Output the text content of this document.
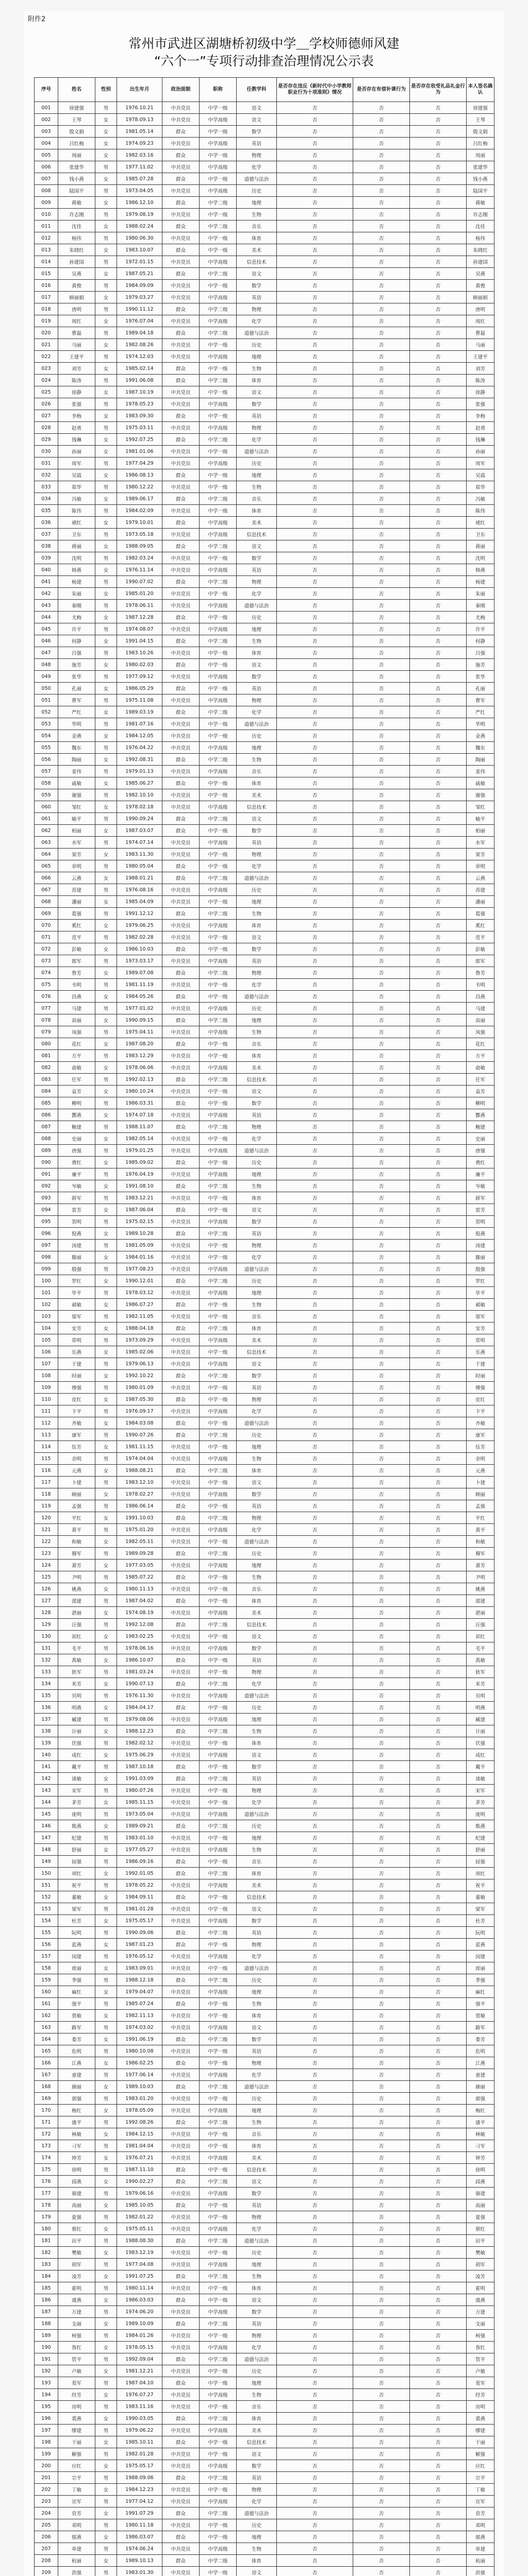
附件2
常州市武进区湖塘桥初级中学＿学校师德师风建
“六个一”专项行动排查治理情况公示表
序号	姓名	性别	出生年月	政治面貌	职称	任教学科	是否存在违反《新时代中小学教师职业行为十项准则》情况	是否存在有偿补课行为	是否存在收受礼品礼金行为	本人签名确认
001	徐建强	男	1976.10.21	中共党员	中学一级	语文	否	否	否	徐建强
002	王琴	女	1978.09.13	中共党员	中学高级	语文	否	否	否	王琴
003	殷文娟	女	1981.05.14	群众	中学一级	数学	否	否	否	殷文娟
004	吕红梅	女	1974.09.23	中共党员	中学高级	英语	否	否	否	吕红梅
005	周丽	女	1982.03.16	群众	中学一级	物理	否	否	否	周丽
006	张建华	男	1977.11.02	中共党员	中学高级	化学	否	否	否	张建华
007	钱小燕	女	1985.07.28	群众	中学一级	道德与法治	否	否	否	钱小燕
008	陆国平	男	1973.04.05	中共党员	中学高级	历史	否	否	否	陆国平
009	蒋敏	女	1986.12.10	群众	中学二级	地理	否	否	否	蒋敏
010	许志刚	男	1979.08.19	中共党员	中学一级	生物	否	否	否	许志刚
011	沈佳	女	1988.02.24	群众	中学二级	音乐	否	否	否	沈佳
012	杨伟	男	1980.06.30	中共党员	中学一级	体育	否	否	否	杨伟
013	朱晓红	女	1983.10.07	群众	中学一级	美术	否	否	否	朱晓红
014	孙建国	男	1972.01.15	中共党员	中学高级	信息技术	否	否	否	孙建国
015	吴燕	女	1987.05.21	群众	中学二级	语文	否	否	否	吴燕
016	黄俊	男	1984.09.09	中共党员	中学一级	数学	否	否	否	黄俊
017	顾丽娟	女	1979.03.27	中共党员	中学高级	英语	否	否	否	顾丽娟
018	唐明	男	1990.11.12	群众	中学二级	物理	否	否	否	唐明
019	周红	女	1976.07.04	中共党员	中学高级	化学	否	否	否	周红
020	曹磊	男	1989.04.18	群众	中学二级	道德与法治	否	否	否	曹磊
021	马丽	女	1982.08.26	中共党员	中学一级	历史	否	否	否	马丽
022	王建平	男	1974.12.03	中共党员	中学高级	地理	否	否	否	王建平
023	刘芳	女	1985.02.14	群众	中学一级	生物	否	否	否	刘芳
024	陈涛	男	1991.06.08	群众	中学二级	体育	否	否	否	陈涛
025	徐静	女	1987.10.19	中共党员	中学一级	语文	否	否	否	徐静
026	张强	男	1978.05.23	中共党员	中学高级	数学	否	否	否	张强
027	李梅	女	1983.09.30	群众	中学一级	英语	否	否	否	李梅
028	赵勇	男	1975.03.11	中共党员	中学高级	物理	否	否	否	赵勇
029	钱琳	女	1992.07.25	群众	中学二级	化学	否	否	否	钱琳
030	孙丽	女	1981.01.06	中共党员	中学一级	道德与法治	否	否	否	孙丽
031	周军	男	1977.04.29	中共党员	中学高级	历史	否	否	否	周军
032	吴霞	女	1986.08.13	群众	中学一级	地理	否	否	否	吴霞
033	郑华	男	1980.12.22	中共党员	中学一级	生物	否	否	否	郑华
034	冯敏	女	1989.06.17	群众	中学二级	音乐	否	否	否	冯敏
035	陈伟	男	1984.02.09	中共党员	中学一级	体育	否	否	否	陈伟
036	褚红	女	1979.10.01	群众	中学高级	美术	否	否	否	褚红
037	卫东	男	1973.05.18	中共党员	中学高级	信息技术	否	否	否	卫东
038	蒋丽	女	1988.09.05	群众	中学二级	语文	否	否	否	蒋丽
039	沈明	男	1982.03.24	中共党员	中学一级	数学	否	否	否	沈明
040	韩燕	女	1976.11.14	中共党员	中学高级	英语	否	否	否	韩燕
041	杨建	男	1990.07.02	群众	中学二级	物理	否	否	否	杨建
042	朱丽	女	1985.01.20	中共党员	中学一级	化学	否	否	否	朱丽
043	秦刚	男	1978.06.11	中共党员	中学高级	道德与法治	否	否	否	秦刚
044	尤梅	女	1987.12.28	群众	中学一级	历史	否	否	否	尤梅
045	许平	男	1974.08.07	中共党员	中学高级	地理	否	否	否	许平
046	何静	女	1991.04.15	群众	中学二级	生物	否	否	否	何静
047	吕强	男	1983.10.26	中共党员	中学一级	体育	否	否	否	吕强
048	施芳	女	1980.02.03	群众	中学一级	语文	否	否	否	施芳
049	张华	男	1977.09.12	中共党员	中学高级	数学	否	否	否	张华
050	孔丽	女	1986.05.29	群众	中学一级	英语	否	否	否	孔丽
051	曹军	男	1975.11.08	中共党员	中学高级	物理	否	否	否	曹军
052	严红	女	1989.03.19	群众	中学二级	化学	否	否	否	严红
053	华明	男	1981.07.16	中共党员	中学一级	道德与法治	否	否	否	华明
054	金燕	女	1984.12.05	中共党员	中学一级	历史	否	否	否	金燕
055	魏东	男	1976.04.22	中共党员	中学高级	地理	否	否	否	魏东
056	陶丽	女	1992.08.31	群众	中学二级	生物	否	否	否	陶丽
057	姜伟	男	1979.01.13	中共党员	中学高级	音乐	否	否	否	姜伟
058	戚敏	女	1985.06.27	群众	中学一级	体育	否	否	否	戚敏
059	谢强	男	1982.10.10	中共党员	中学一级	美术	否	否	否	谢强
060	邹红	女	1978.02.18	中共党员	中学高级	信息技术	否	否	否	邹红
061	喻平	男	1990.09.24	群众	中学二级	语文	否	否	否	喻平
062	柏丽	女	1987.03.07	群众	中学一级	数学	否	否	否	柏丽
063	水军	男	1974.07.14	中共党员	中学高级	英语	否	否	否	水军
064	窦芳	女	1983.11.30	中共党员	中学一级	物理	否	否	否	窦芳
065	章明	男	1980.05.04	群众	中学一级	化学	否	否	否	章明
066	云燕	女	1988.01.21	群众	中学二级	道德与法治	否	否	否	云燕
067	苏建	男	1976.08.16	中共党员	中学高级	历史	否	否	否	苏建
068	潘丽	女	1985.04.09	中共党员	中学一级	地理	否	否	否	潘丽
069	葛强	男	1991.12.12	群众	中学二级	生物	否	否	否	葛强
070	奚红	女	1979.06.25	中共党员	中学高级	体育	否	否	否	奚红
071	范平	男	1982.02.28	中共党员	中学一级	语文	否	否	否	范平
072	彭敏	女	1986.10.03	群众	中学一级	数学	否	否	否	彭敏
073	郎军	男	1973.03.17	中共党员	中学高级	英语	否	否	否	郎军
074	鲁芳	女	1989.07.08	群众	中学二级	物理	否	否	否	鲁芳
075	韦明	男	1981.11.19	中共党员	中学一级	化学	否	否	否	韦明
076	昌燕	女	1984.05.26	群众	中学一级	道德与法治	否	否	否	昌燕
077	马建	男	1977.01.02	中共党员	中学高级	历史	否	否	否	马建
078	苗丽	女	1990.09.15	群众	中学二级	地理	否	否	否	苗丽
079	凤强	男	1975.04.11	中共党员	中学高级	生物	否	否	否	凤强
080	花红	女	1987.08.20	群众	中学一级	音乐	否	否	否	花红
081	方平	男	1983.12.29	中共党员	中学一级	体育	否	否	否	方平
082	俞敏	女	1978.06.06	中共党员	中学高级	美术	否	否	否	俞敏
083	任军	男	1992.02.13	群众	中学二级	信息技术	否	否	否	任军
084	袁芳	女	1980.10.24	中共党员	中学一级	语文	否	否	否	袁芳
085	柳明	男	1986.03.31	群众	中学一级	数学	否	否	否	柳明
086	酆燕	女	1974.07.18	中共党员	中学高级	英语	否	否	否	酆燕
087	鲍建	男	1988.11.07	群众	中学二级	物理	否	否	否	鲍建
088	史丽	女	1982.05.14	中共党员	中学一级	化学	否	否	否	史丽
089	唐强	男	1979.01.25	中共党员	中学高级	道德与法治	否	否	否	唐强
090	费红	女	1985.09.02	群众	中学一级	历史	否	否	否	费红
091	廉平	男	1976.04.19	中共党员	中学高级	地理	否	否	否	廉平
092	岑敏	女	1991.08.10	群众	中学二级	生物	否	否	否	岑敏
093	薛军	男	1983.12.21	中共党员	中学一级	体育	否	否	否	薛军
094	雷芳	女	1987.06.04	群众	中学一级	语文	否	否	否	雷芳
095	贺明	男	1975.02.15	中共党员	中学高级	数学	否	否	否	贺明
096	倪燕	女	1989.10.28	群众	中学二级	英语	否	否	否	倪燕
097	汤建	男	1981.05.09	中共党员	中学一级	物理	否	否	否	汤建
098	滕丽	女	1984.01.16	中共党员	中学一级	化学	否	否	否	滕丽
099	殷强	男	1977.08.23	中共党员	中学高级	道德与法治	否	否	否	殷强
100	罗红	女	1990.12.01	群众	中学二级	历史	否	否	否	罗红
101	毕平	男	1978.03.12	中共党员	中学高级	地理	否	否	否	毕平
102	郝敏	女	1986.07.27	群众	中学一级	生物	否	否	否	郝敏
103	邬军	男	1982.11.05	中共党员	中学一级	音乐	否	否	否	邬军
104	安芳	女	1988.04.18	群众	中学二级	体育	否	否	否	安芳
105	常明	男	1973.09.29	中共党员	中学高级	美术	否	否	否	常明
106	乐燕	女	1985.02.06	中共党员	中学一级	信息技术	否	否	否	乐燕
107	于建	男	1979.06.13	中共党员	中学高级	语文	否	否	否	于建
108	时丽	女	1992.10.22	群众	中学二级	数学	否	否	否	时丽
109	傅强	男	1980.01.09	中共党员	中学一级	英语	否	否	否	傅强
110	皮红	女	1987.05.30	群众	中学一级	物理	否	否	否	皮红
111	卞平	男	1976.09.17	中共党员	中学高级	化学	否	否	否	卞平
112	齐敏	女	1984.03.08	群众	中学一级	道德与法治	否	否	否	齐敏
113	康军	男	1990.07.26	群众	中学二级	历史	否	否	否	康军
114	伍芳	女	1981.11.15	中共党员	中学一级	地理	否	否	否	伍芳
115	余明	男	1974.04.04	中共党员	中学高级	生物	否	否	否	余明
116	元燕	女	1988.08.21	群众	中学二级	体育	否	否	否	元燕
117	卜建	男	1983.12.10	中共党员	中学一级	语文	否	否	否	卜建
118	顾丽	女	1978.02.27	中共党员	中学高级	数学	否	否	否	顾丽
119	孟强	男	1986.06.14	群众	中学一级	英语	否	否	否	孟强
120	平红	女	1991.10.03	群众	中学二级	物理	否	否	否	平红
121	黄平	男	1975.01.20	中共党员	中学高级	化学	否	否	否	黄平
122	和敏	女	1982.05.11	中共党员	中学一级	道德与法治	否	否	否	和敏
123	穆军	男	1989.09.28	群众	中学二级	历史	否	否	否	穆军
124	萧芳	女	1977.03.05	中共党员	中学高级	地理	否	否	否	萧芳
125	尹明	男	1985.07.22	群众	中学一级	生物	否	否	否	尹明
126	姚燕	女	1980.11.13	中共党员	中学一级	音乐	否	否	否	姚燕
127	邵建	男	1987.04.02	群众	中学一级	体育	否	否	否	邵建
128	湛丽	女	1974.08.19	中共党员	中学高级	美术	否	否	否	湛丽
129	汪强	男	1992.12.08	群众	中学二级	信息技术	否	否	否	汪强
130	祁红	女	1983.02.25	中共党员	中学一级	语文	否	否	否	祁红
131	毛平	男	1978.06.16	中共党员	中学高级	数学	否	否	否	毛平
132	禹敏	女	1986.10.07	群众	中学一级	英语	否	否	否	禹敏
133	狄军	男	1981.03.24	中共党员	中学一级	物理	否	否	否	狄军
134	米芳	女	1990.07.13	群众	中学二级	化学	否	否	否	米芳
135	贝明	男	1976.11.30	中共党员	中学高级	道德与法治	否	否	否	贝明
136	明燕	女	1984.04.17	群众	中学一级	历史	否	否	否	明燕
137	臧建	男	1979.08.06	中共党员	中学高级	地理	否	否	否	臧建
138	计丽	女	1988.12.23	群众	中学二级	生物	否	否	否	计丽
139	伏强	男	1982.02.12	中共党员	中学一级	体育	否	否	否	伏强
140	成红	女	1975.06.29	中共党员	中学高级	语文	否	否	否	成红
141	戴平	男	1987.10.18	群众	中学一级	数学	否	否	否	戴平
142	谈敏	女	1991.03.09	群众	中学二级	英语	否	否	否	谈敏
143	宋军	男	1980.07.26	中共党员	中学一级	物理	否	否	否	宋军
144	茅芳	女	1985.11.15	中共党员	中学一级	化学	否	否	否	茅芳
145	庞明	男	1973.05.04	中共党员	中学高级	道德与法治	否	否	否	庞明
146	熊燕	女	1989.09.21	群众	中学二级	历史	否	否	否	熊燕
147	纪建	男	1983.01.10	中共党员	中学一级	地理	否	否	否	纪建
148	舒丽	女	1977.05.27	中共党员	中学高级	生物	否	否	否	舒丽
149	屈强	男	1986.09.16	群众	中学一级	音乐	否	否	否	屈强
150	项红	女	1992.01.05	群众	中学二级	体育	否	否	否	项红
151	祝平	男	1978.05.22	中共党员	中学高级	美术	否	否	否	祝平
152	董敏	女	1984.09.11	群众	中学一级	信息技术	否	否	否	董敏
153	梁军	男	1981.01.28	中共党员	中学一级	语文	否	否	否	梁军
154	杜芳	女	1975.05.17	中共党员	中学高级	数学	否	否	否	杜芳
155	阮明	男	1990.09.06	群众	中学二级	英语	否	否	否	阮明
156	蓝燕	女	1987.01.23	群众	中学一级	物理	否	否	否	蓝燕
157	闵建	男	1976.05.12	中共党员	中学高级	化学	否	否	否	闵建
158	席丽	女	1983.09.01	中共党员	中学一级	道德与法治	否	否	否	席丽
159	季强	男	1988.12.18	群众	中学二级	历史	否	否	否	季强
160	麻红	女	1979.04.07	中共党员	中学高级	地理	否	否	否	麻红
161	强平	男	1985.07.24	群众	中学一级	生物	否	否	否	强平
162	贾敏	女	1982.11.13	中共党员	中学一级	体育	否	否	否	贾敏
163	路军	男	1974.03.02	中共党员	中学高级	语文	否	否	否	路军
164	娄芳	女	1991.06.19	群众	中学二级	数学	否	否	否	娄芳
165	危明	男	1980.10.08	中共党员	中学一级	英语	否	否	否	危明
166	江燕	女	1986.02.25	群众	中学一级	物理	否	否	否	江燕
167	童建	男	1977.06.14	中共党员	中学高级	化学	否	否	否	童建
168	颜丽	女	1989.10.03	群众	中学二级	道德与法治	否	否	否	颜丽
169	郭强	男	1983.01.20	中共党员	中学一级	历史	否	否	否	郭强
170	梅红	女	1978.05.09	中共党员	中学高级	地理	否	否	否	梅红
171	盛平	男	1992.08.26	群众	中学二级	生物	否	否	否	盛平
172	林敏	女	1984.12.15	中共党员	中学一级	音乐	否	否	否	林敏
173	刁军	男	1981.04.04	中共党员	中学一级	体育	否	否	否	刁军
174	钟芳	女	1976.07.21	中共党员	中学高级	美术	否	否	否	钟芳
175	徐明	男	1987.11.10	群众	中学一级	信息技术	否	否	否	徐明
176	邱燕	女	1990.02.27	群众	中学二级	语文	否	否	否	邱燕
177	骆建	男	1979.06.16	中共党员	中学高级	数学	否	否	否	骆建
178	高丽	女	1985.10.05	群众	中学一级	英语	否	否	否	高丽
179	夏强	男	1982.01.22	中共党员	中学一级	物理	否	否	否	夏强
180	蔡红	女	1975.05.11	中共党员	中学高级	化学	否	否	否	蔡红
181	田平	男	1988.08.30	群众	中学二级	道德与法治	否	否	否	田平
182	樊敏	女	1983.12.19	中共党员	中学一级	历史	否	否	否	樊敏
183	胡军	男	1977.04.08	中共党员	中学高级	地理	否	否	否	胡军
184	凌芳	女	1991.07.25	群众	中学二级	生物	否	否	否	凌芳
185	霍明	男	1980.11.14	中共党员	中学一级	体育	否	否	否	霍明
186	虞燕	女	1986.03.03	群众	中学一级	语文	否	否	否	虞燕
187	万建	男	1974.06.20	中共党员	中学高级	数学	否	否	否	万建
188	支丽	女	1989.10.09	群众	中学二级	英语	否	否	否	支丽
189	柯强	男	1984.01.26	中共党员	中学一级	物理	否	否	否	柯强
190	昝红	女	1978.05.15	中共党员	中学高级	化学	否	否	否	昝红
191	管平	男	1992.09.04	群众	中学二级	道德与法治	否	否	否	管平
192	卢敏	女	1981.12.21	中共党员	中学一级	历史	否	否	否	卢敏
193	莫军	男	1987.04.10	群众	中学一级	地理	否	否	否	莫军
194	经芳	女	1976.07.27	中共党员	中学高级	生物	否	否	否	经芳
195	房明	男	1983.11.16	中共党员	中学一级	音乐	否	否	否	房明
196	裘燕	女	1990.03.05	群众	中学二级	体育	否	否	否	裘燕
197	缪建	男	1979.06.22	中共党员	中学高级	美术	否	否	否	缪建
198	干丽	女	1985.10.11	群众	中学一级	信息技术	否	否	否	干丽
199	解强	男	1982.01.28	中共党员	中学一级	语文	否	否	否	解强
200	应红	女	1975.05.17	中共党员	中学高级	数学	否	否	否	应红
201	宗平	男	1988.09.06	群众	中学二级	英语	否	否	否	宗平
202	丁敏	女	1984.12.23	中共党员	中学一级	物理	否	否	否	丁敏
203	宣军	男	1977.04.12	中共党员	中学高级	化学	否	否	否	宣军
204	贲芳	女	1991.07.29	群众	中学二级	道德与法治	否	否	否	贲芳
205	邓明	男	1980.11.18	中共党员	中学一级	历史	否	否	否	邓明
206	郁燕	女	1986.03.07	群众	中学一级	地理	否	否	否	郁燕
207	单建	男	1974.06.24	中共党员	中学高级	生物	否	否	否	单建
208	杭丽	女	1989.10.13	群众	中学二级	体育	否	否	否	杭丽
209	洪强	男	1983.01.30	中共党员	中学一级	语文	否	否	否	洪强
